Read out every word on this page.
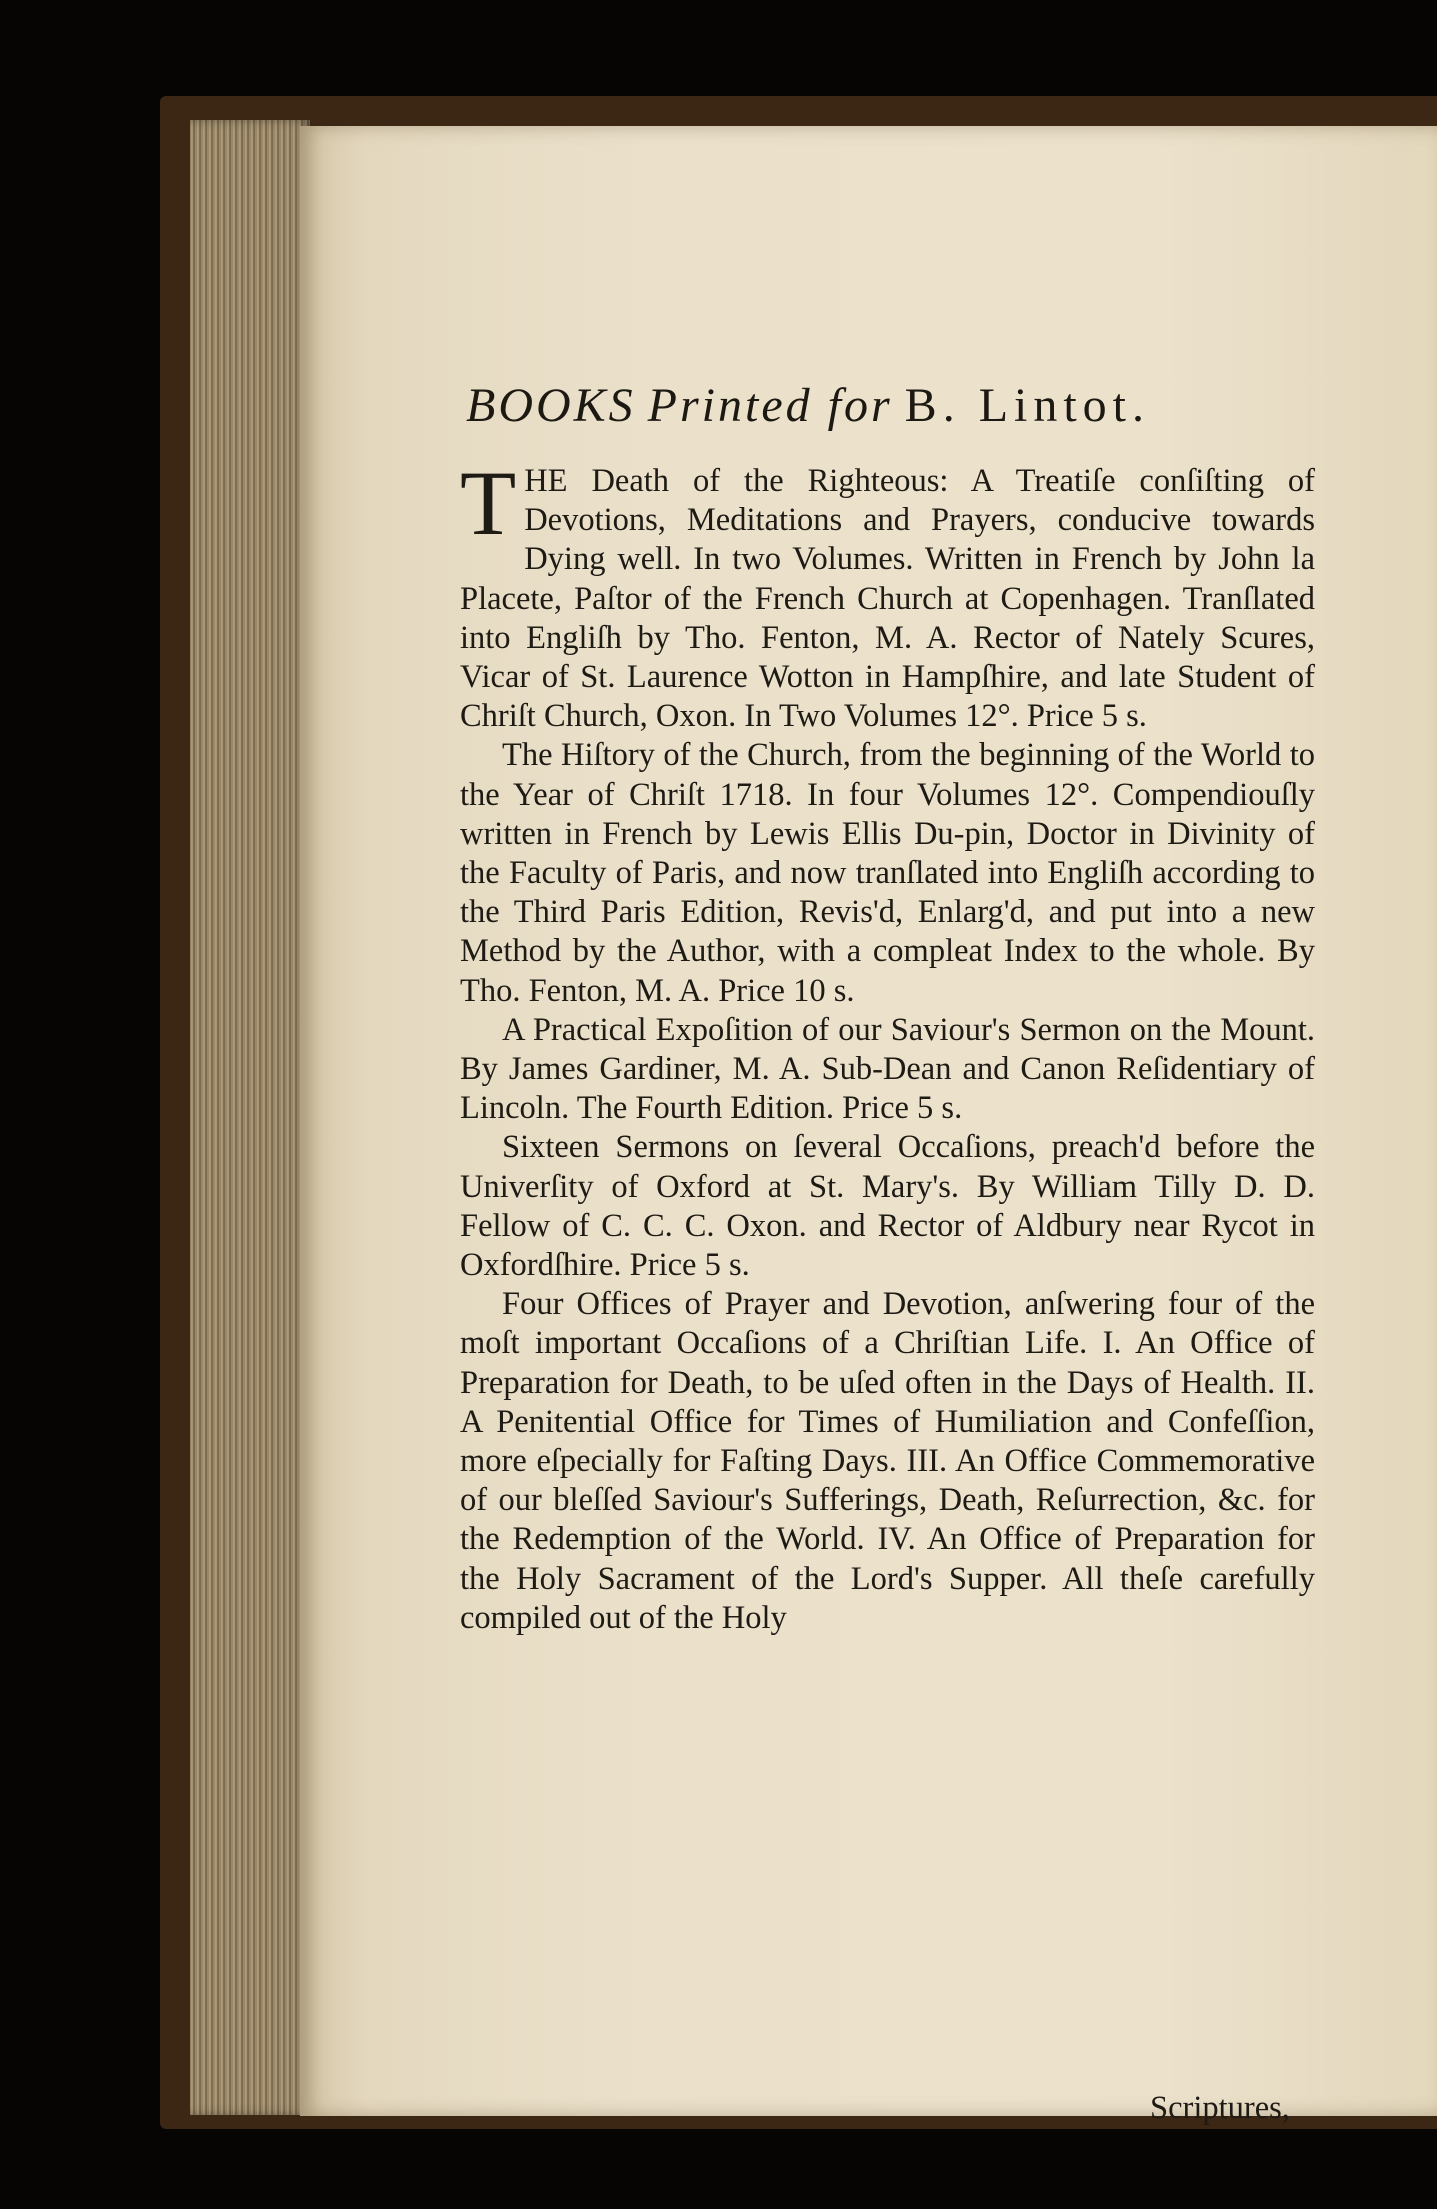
BOOKS Printed for B. Lintot.

T HE Death of the Righteous: A Treatiſe conſiſting of Devotions, Meditations and Prayers, conducive towards Dying well. In two Volumes. Written in French by John la Placete, Paſtor of the French Church at Copenhagen. Tranſlated into Engliſh by Tho. Fenton, M. A. Rector of Nately Scures, Vicar of St. Laurence Wotton in Hampſhire, and late Student of Chriſt Church, Oxon. In Two Volumes 12°. Price 5 s.

The Hiſtory of the Church, from the beginning of the World to the Year of Chriſt 1718. In four Volumes 12°. Compendiouſly written in French by Lewis Ellis Du-pin, Doctor in Divinity of the Faculty of Paris, and now tranſlated into Engliſh according to the Third Paris Edition, Revis'd, Enlarg'd, and put into a new Method by the Author, with a compleat Index to the whole. By Tho. Fenton, M. A. Price 10 s.

A Practical Expoſition of our Saviour's Sermon on the Mount. By James Gardiner, M. A. Sub-Dean and Canon Reſidentiary of Lincoln. The Fourth Edition. Price 5 s.

Sixteen Sermons on ſeveral Occaſions, preach'd before the Univerſity of Oxford at St. Mary's. By William Tilly D. D. Fellow of C. C. C. Oxon. and Rector of Aldbury near Rycot in Oxfordſhire. Price 5 s.

Four Offices of Prayer and Devotion, anſwering four of the moſt important Occaſions of a Chriſtian Life. I. An Office of Preparation for Death, to be uſed often in the Days of Health. II. A Penitential Office for Times of Humiliation and Confeſſion, more eſpecially for Faſting Days. III. An Office Commemorative of our bleſſed Saviour's Sufferings, Death, Reſurrection, &c. for the Redemption of the World. IV. An Office of Preparation for the Holy Sacrament of the Lord's Supper. All theſe carefully compiled out of the Holy

Scriptures,
